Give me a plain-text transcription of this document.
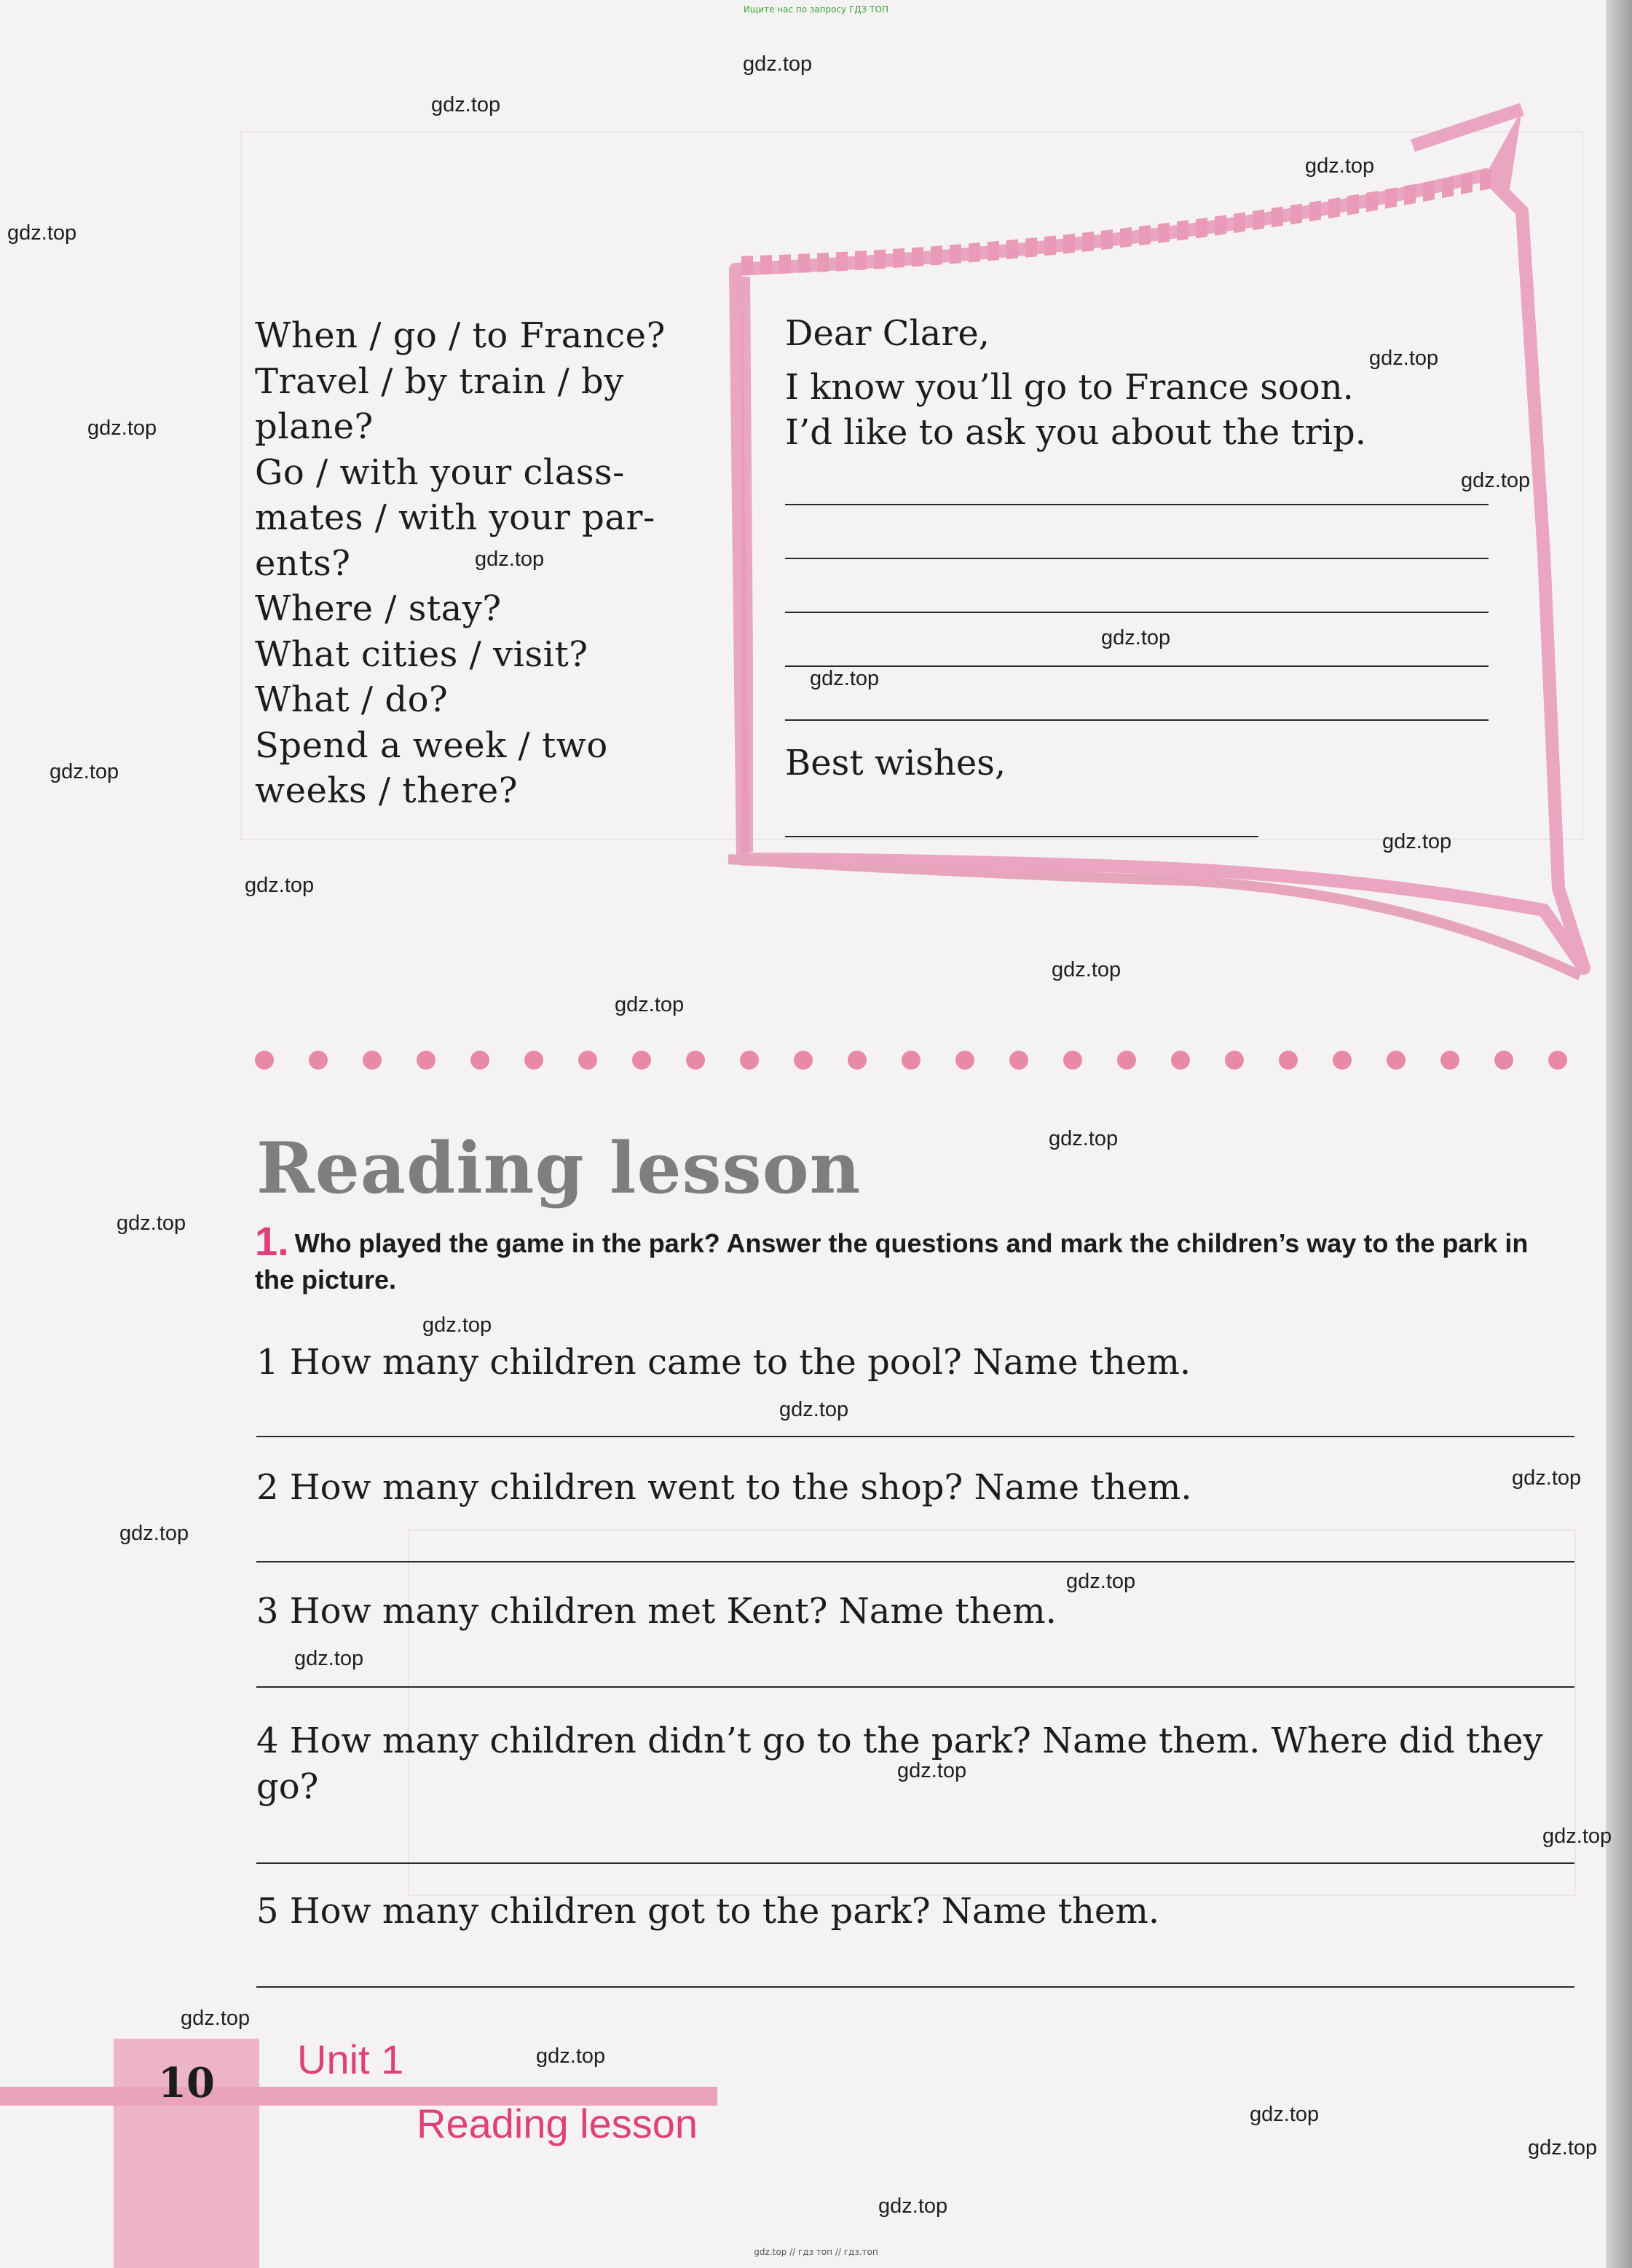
Ищите нас по запросу ГДЗ ТОП
When / go / to France?
Travel / by train / by
plane?
Go / with your class-
mates / with your par-
ents?
Where / stay?
What cities / visit?
What / do?
Spend a week / two
weeks / there?
Dear Clare,
I know you’ll go to France soon.
I’d like to ask you about the trip.
Best wishes,
Reading lesson
1. Who played the game in the park? Answer the questions and mark the children’s way to the park in the picture.
1 How many children came to the pool? Name them.
2 How many children went to the shop? Name them.
3 How many children met Kent? Name them.
4 How many children didn’t go to the park? Name them. Where did they go?
5 How many children got to the park? Name them.
10	Unit 1
Reading lesson
gdz.top // гдз топ // гдз.топ
gdz.top
gdz.top
gdz.top
gdz.top
gdz.top
gdz.top
gdz.top
gdz.top
gdz.top
gdz.top
gdz.top
gdz.top
gdz.top
gdz.top
gdz.top
gdz.top
gdz.top
gdz.top
gdz.top
gdz.top
gdz.top
gdz.top
gdz.top
gdz.top
gdz.top
gdz.top
gdz.top
gdz.top
gdz.top
gdz.top
